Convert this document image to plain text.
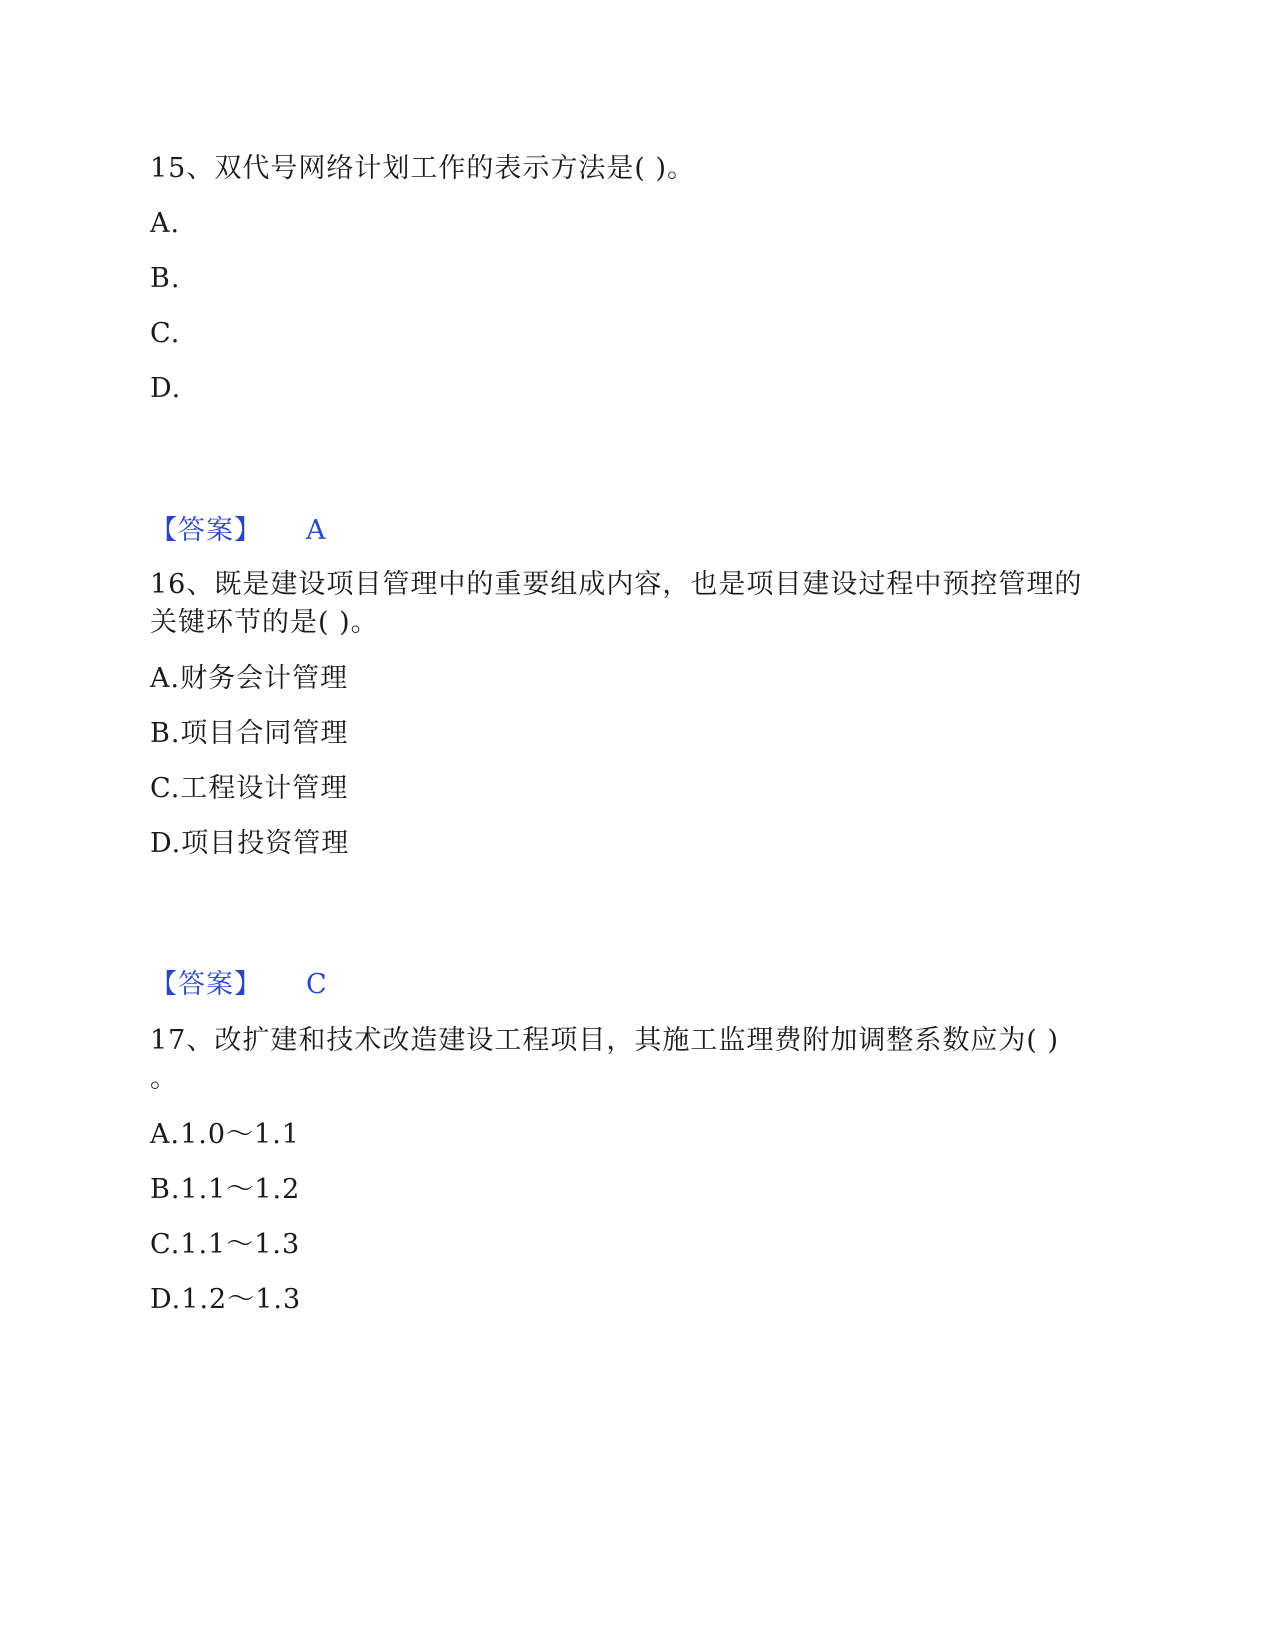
15、双代号网络计划工作的表示方法是( )。

A.

B.

C.

D.

【答案】 A

16、既是建设项目管理中的重要组成内容，也是项目建设过程中预控管理的

关键环节的是( )。

A.财务会计管理

B.项目合同管理

C.工程设计管理

D.项目投资管理

【答案】 C

17、改扩建和技术改造建设工程项目，其施工监理费附加调整系数应为( )

。

A.1.0～1.1

B.1.1～1.2

C.1.1～1.3

D.1.2～1.3
